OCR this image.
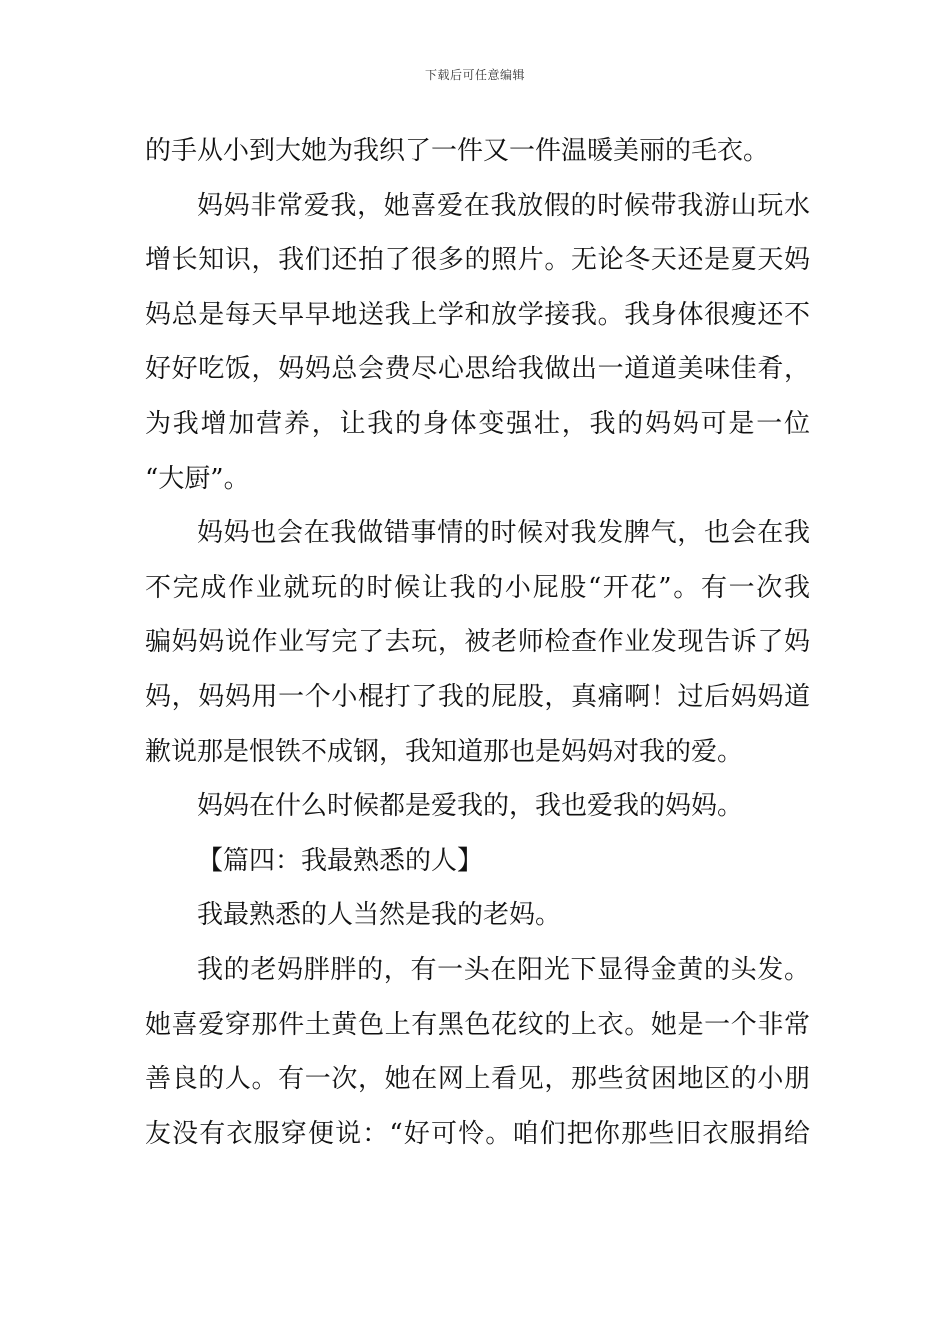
下载后可任意编辑
的手从小到大她为我织了一件又一件温暖美丽的毛衣。
妈妈非常爱我，她喜爱在我放假的时候带我游山玩水
增长知识，我们还拍了很多的照片。无论冬天还是夏天妈
妈总是每天早早地送我上学和放学接我。我身体很瘦还不
好好吃饭，妈妈总会费尽心思给我做出一道道美味佳肴，
为我增加营养，让我的身体变强壮，我的妈妈可是一位
“大厨”。
妈妈也会在我做错事情的时候对我发脾气，也会在我
不完成作业就玩的时候让我的小屁股“开花”。有一次我
骗妈妈说作业写完了去玩，被老师检查作业发现告诉了妈
妈，妈妈用一个小棍打了我的屁股，真痛啊！过后妈妈道
歉说那是恨铁不成钢，我知道那也是妈妈对我的爱。
妈妈在什么时候都是爱我的，我也爱我的妈妈。
【篇四：我最熟悉的人】
我最熟悉的人当然是我的老妈。
我的老妈胖胖的，有一头在阳光下显得金黄的头发。
她喜爱穿那件土黄色上有黑色花纹的上衣。她是一个非常
善良的人。有一次，她在网上看见，那些贫困地区的小朋
友没有衣服穿便说：“好可怜。咱们把你那些旧衣服捐给
